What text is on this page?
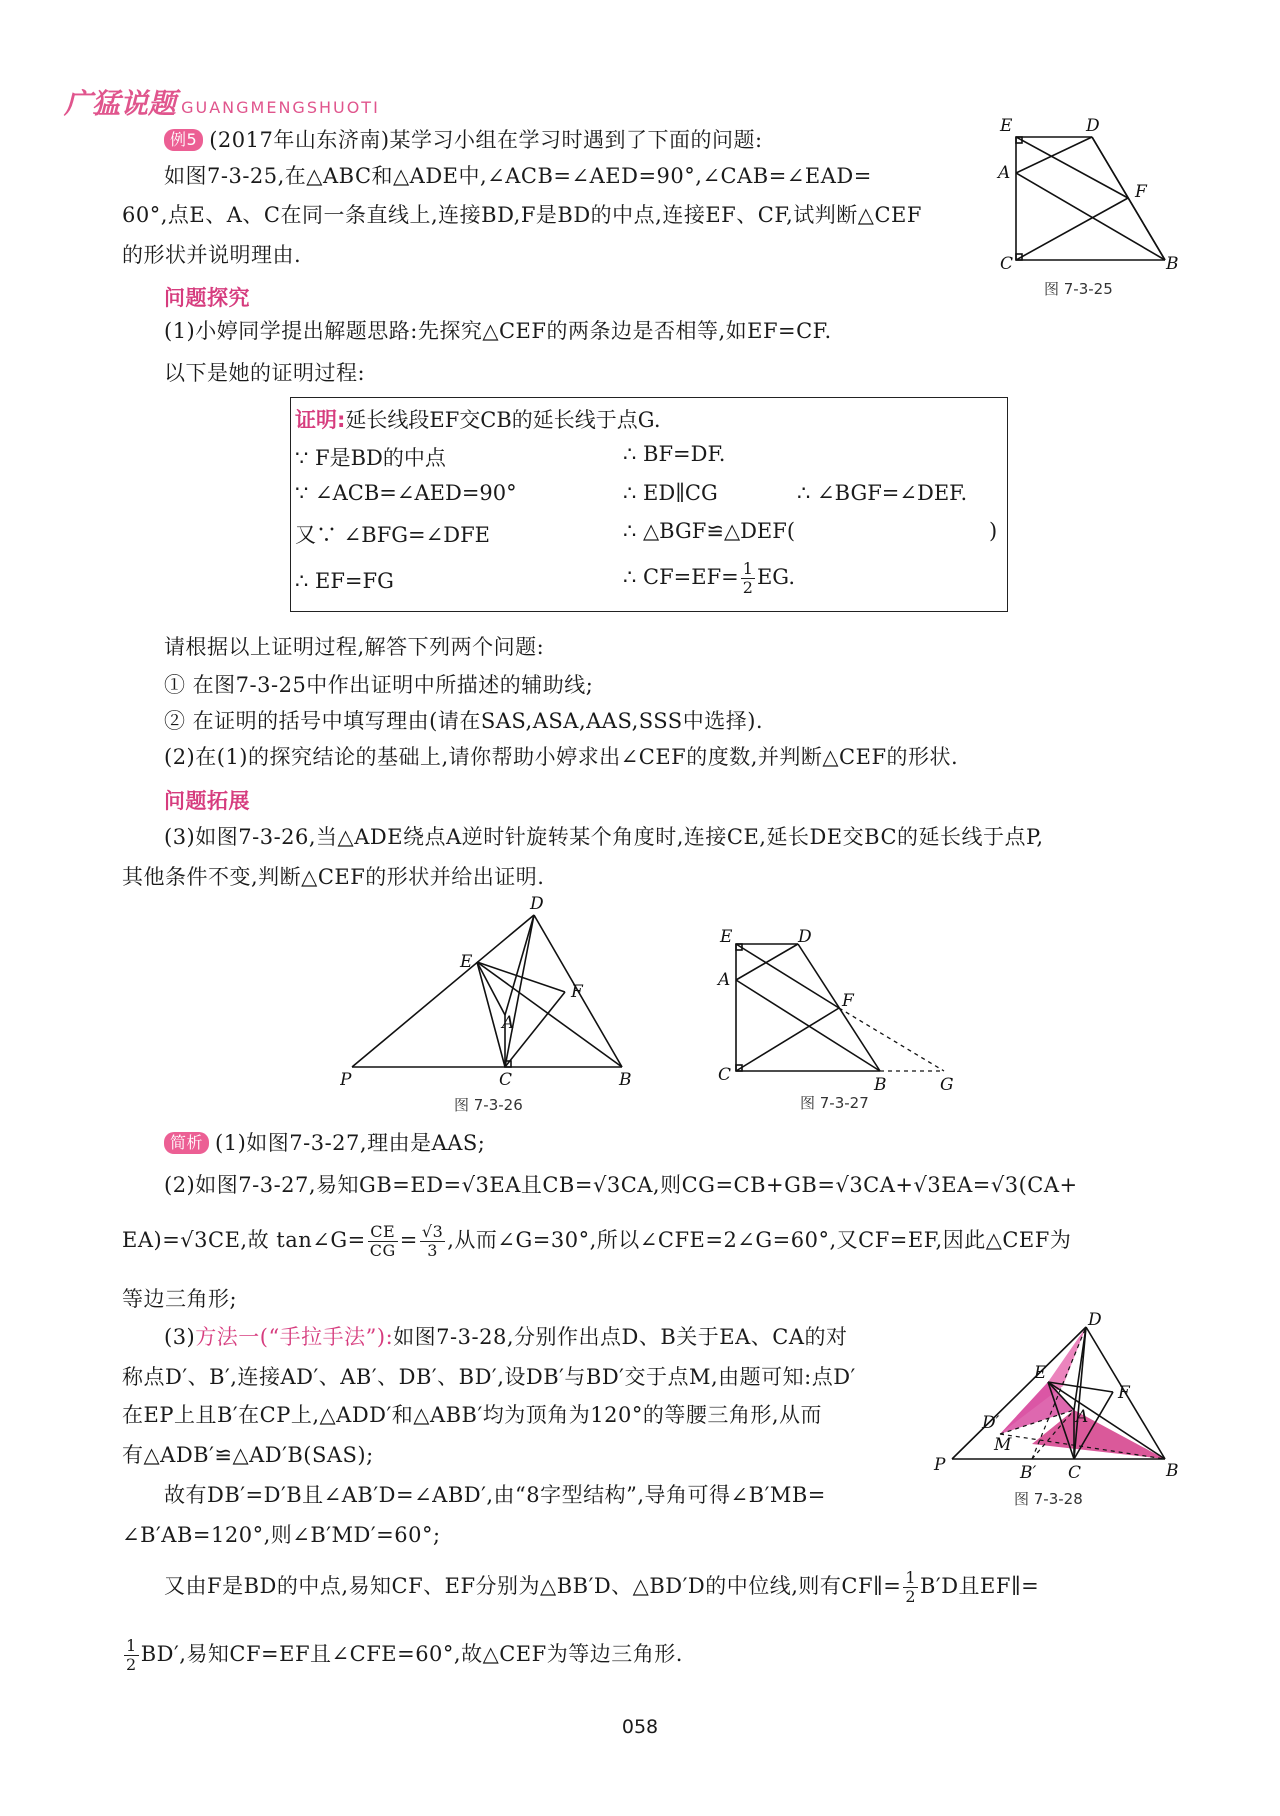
广猛说题 GUANGMENGSHUOTI
例5 (2017年山东济南)某学习小组在学习时遇到了下面的问题:
如图7-3-25,在△ABC和△ADE中,∠ACB=∠AED=90°,∠CAB=∠EAD=
60°,点E、A、C在同一条直线上,连接BD,F是BD的中点,连接EF、CF,试判断△CEF
的形状并说明理由.
E	D
A
F
C	B
图 7-3-25
问题探究
(1)小婷同学提出解题思路:先探究△CEF的两条边是否相等,如EF=CF.
以下是她的证明过程:
证明:延长线段EF交CB的延长线于点G.
∵ F是BD的中点	∴ BF=DF.
∵ ∠ACB=∠AED=90°	∴ ED∥CG	∴ ∠BGF=∠DEF.
又∵ ∠BFG=∠DFE	∴ △BGF≌△DEF(	)
∴ EF=FG	∴ $CF=EF= \frac{1}{2}$ EG.
请根据以上证明过程,解答下列两个问题:
① 在图7-3-25中作出证明中所描述的辅助线;
② 在证明的括号中填写理由(请在SAS,ASA,AAS,SSS中选择).
(2)在(1)的探究结论的基础上,请你帮助小婷求出∠CEF的度数,并判断△CEF的形状.
问题拓展
(3)如图7-3-26,当△ADE绕点A逆时针旋转某个角度时,连接CE,延长DE交BC的延长线于点P,
其他条件不变,判断△CEF的形状并给出证明.
D
E
F
A
P	C	B
图 7-3-26
E	D
A
F
C	B	G
图 7-3-27
简析 (1)如图7-3-27,理由是AAS;
(2)如图7-3-27,易知GB=ED=√3EA且CB=√3CA,则CG=CB+GB=√3CA+√3EA=√3(CA+
EA)=√3CE,故 tan∠G= $\frac{CE}{CG} = \frac{√3}{3}$ ,从而∠G=30°,所以∠CFE=2∠G=60°,又CF=EF,因此△CEF为
等边三角形;
(3)方法一(“手拉手法”):如图7-3-28,分别作出点D、B关于EA、CA的对
称点D′、B′,连接AD′、AB′、DB′、BD′,设DB′与BD′交于点M,由题可知:点D′
在EP上且B′在CP上,△ADD′和△ABB′均为顶角为120°的等腰三角形,从而
有△ADB′≌△AD′B(SAS);
故有DB′=D′B且∠AB′D=∠ABD′,由“8字型结构”,导角可得∠B′MB=
∠B′AB=120°,则∠B′MD′=60°;
又由F是BD的中点,易知CF、EF分别为△BB′D、△BD′D的中位线,则有CF∥= $\frac{1}{2} B'D$且EF∥=
$\frac{1}{2} BD'$,易知CF=EF且∠CFE=60°,故△CEF为等边三角形.
D
E
F
D′
M
A
P	B′ C	B
图 7-3-28
058
